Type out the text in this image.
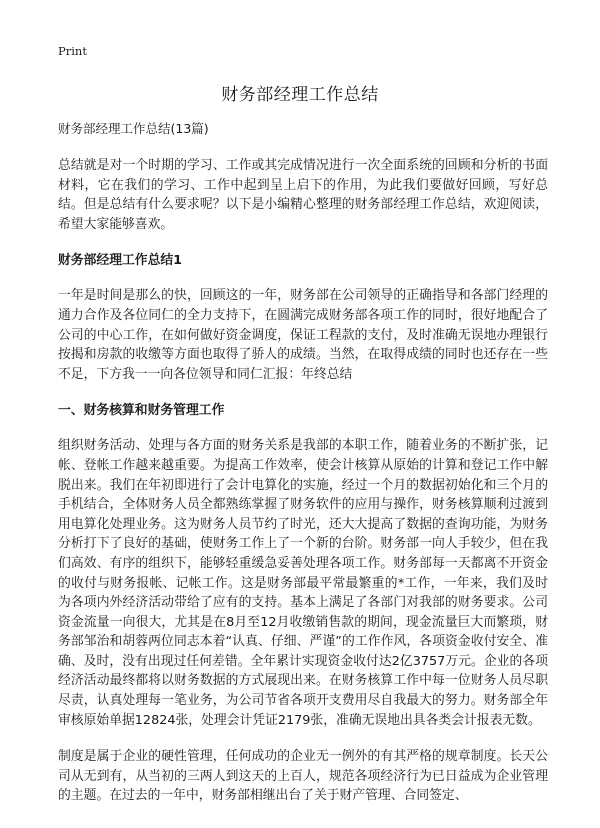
Print
财务部经理工作总结

财务部经理工作总结(13篇)

总结就是对一个时期的学习、工作或其完成情况进行一次全面系统的回顾和分析的书面材料，它在我们的学习、工作中起到呈上启下的作用，为此我们要做好回顾，写好总结。但是总结有什么要求呢？以下是小编精心整理的财务部经理工作总结，欢迎阅读，希望大家能够喜欢。

财务部经理工作总结1

一年是时间是那么的快，回顾这的一年，财务部在公司领导的正确指导和各部门经理的通力合作及各位同仁的全力支持下，在圆满完成财务部各项工作的同时，很好地配合了公司的中心工作，在如何做好资金调度，保证工程款的支付，及时准确无误地办理银行按揭和房款的收缴等方面也取得了骄人的成绩。当然，在取得成绩的同时也还存在一些不足，下方我一一向各位领导和同仁汇报：年终总结

一、财务核算和财务管理工作

组织财务活动、处理与各方面的财务关系是我部的本职工作，随着业务的不断扩张，记帐、登帐工作越来越重要。为提高工作效率，使会计核算从原始的计算和登记工作中解脱出来。我们在年初即进行了会计电算化的实施，经过一个月的数据初始化和三个月的手机结合，全体财务人员全都熟练掌握了财务软件的应用与操作，财务核算顺利过渡到用电算化处理业务。这为财务人员节约了时光，还大大提高了数据的查询功能，为财务分析打下了良好的基础，使财务工作上了一个新的台阶。财务部一向人手较少，但在我们高效、有序的组织下，能够轻重缓急妥善处理各项工作。财务部每一天都离不开资金的收付与财务报帐、记帐工作。这是财务部最平常最繁重的*工作，一年来，我们及时为各项内外经济活动带给了应有的支持。基本上满足了各部门对我部的财务要求。公司资金流量一向很大，尤其是在8月至12月收缴销售款的期间，现金流量巨大而繁琐，财务部邹治和胡蓉两位同志本着“认真、仔细、严谨”的工作作风，各项资金收付安全、准确、及时，没有出现过任何差错。全年累计实现资金收付达2亿3757万元。企业的各项经济活动最终都将以财务数据的方式展现出来。在财务核算工作中每一位财务人员尽职尽责，认真处理每一笔业务，为公司节省各项开支费用尽自我最大的努力。财务部全年审核原始单据12824张，处理会计凭证2179张，准确无误地出具各类会计报表无数。

制度是属于企业的硬性管理，任何成功的企业无一例外的有其严格的规章制度。长天公司从无到有，从当初的三两人到这天的上百人，规范各项经济行为已日益成为企业管理的主题。在过去的一年中，财务部相继出台了关于财产管理、合同签定、
